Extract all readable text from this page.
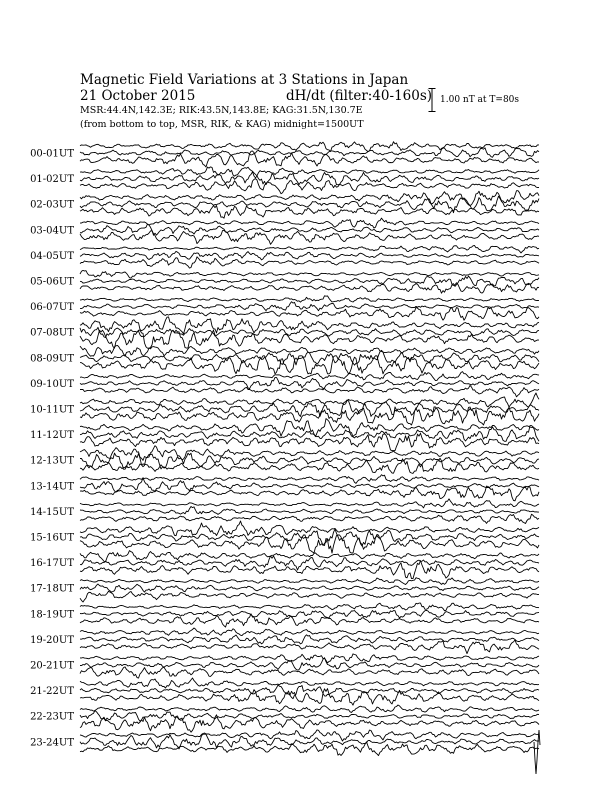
Magnetic Field Variations at 3 Stations in Japan
21 October 2015	dH/dt (filter:40-160s)
MSR:44.4N,142.3E; RIK:43.5N,143.8E; KAG:31.5N,130.7E
(from bottom to top, MSR, RIK, & KAG) midnight=1500UT
1.00 nT at T=80s
00-01UT
01-02UT
02-03UT
03-04UT
04-05UT
05-06UT
06-07UT
07-08UT
08-09UT
09-10UT
10-11UT
11-12UT
12-13UT
13-14UT
14-15UT
15-16UT
16-17UT
17-18UT
18-19UT
19-20UT
20-21UT
21-22UT
22-23UT
23-24UT
